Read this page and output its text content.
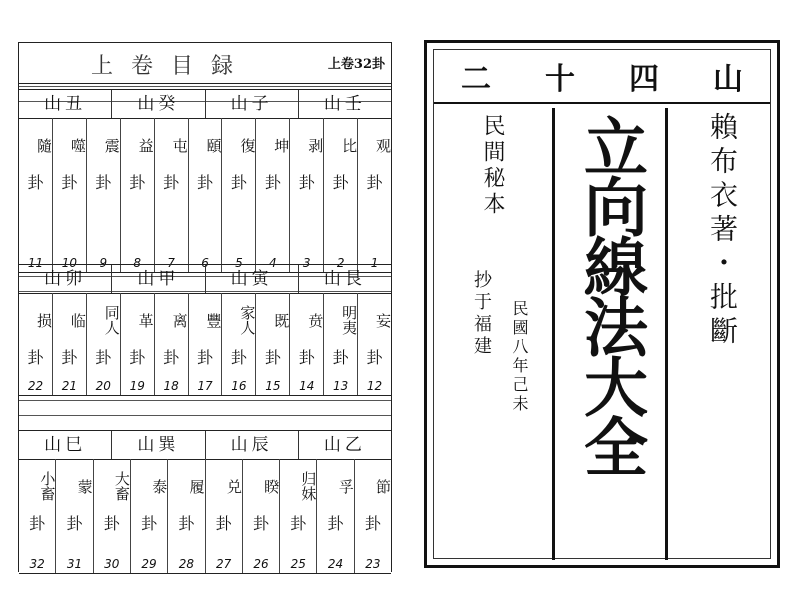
上卷目録	上卷32卦
山壬
山子
山癸
山丑
观
卦
1
比
卦
2
剥
卦
3
坤
卦
4
復
卦
5
頤
卦
6
屯
卦
7
益
卦
8
震
卦
9
噬
卦
10
隨
卦
11
山艮
山寅
山甲
山卯
妄
卦
12
明夷
卦
13
贲
卦
14
既
卦
15
家人
卦
16
豐
卦
17
离
卦
18
革
卦
19
同人
卦
20
临
卦
21
损
卦
22
山乙
山辰
山巽
山巳
節
卦
23
孚
卦
24
归妹
卦
25
睽
卦
26
兑
卦
27
履
卦
28
泰
卦
29
大畜
卦
30
蒙
卦
31
小畜
卦
32
二 十 四 山
民間秘本
抄于福建 民國八年己未 立向線法大全	賴布衣著・批斷
